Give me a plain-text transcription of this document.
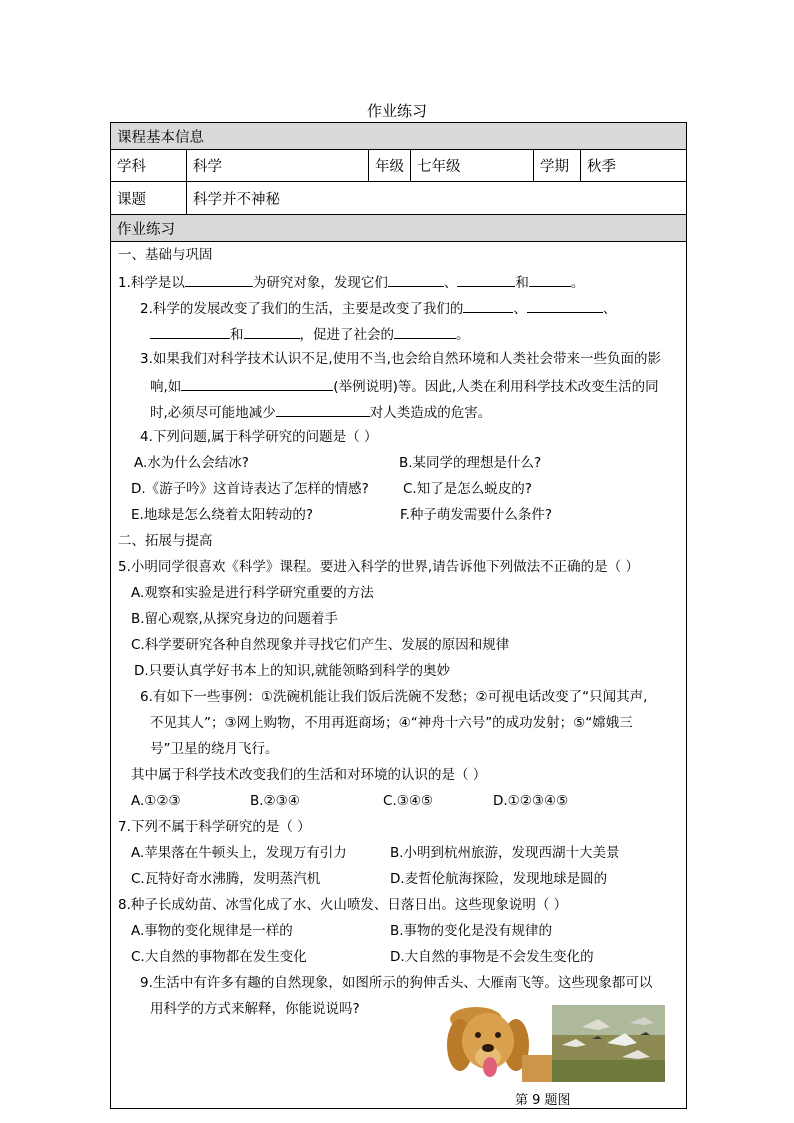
作业练习
课程基本信息
学科	科学	年级 七年级	学期	秋季
课题	科学并不神秘
作业练习
一、基础与巩固
1.科学是以	为研究对象，发现它们	、	和	。
2.科学的发展改变了我们的生活，主要是改变了我们的	、	、
和	，促进了社会的	。
3.如果我们对科学技术认识不足,使用不当,也会给自然环境和人类社会带来一些负面的影
响,如	(举例说明)等。因此,人类在利用科学技术改变生活的同
时,必须尽可能地减少	对人类造成的危害。
4.下列问题,属于科学研究的问题是（ ）
A.水为什么会结冰?	B.某同学的理想是什么?
D.《游子吟》这首诗表达了怎样的情感?	C.知了是怎么蜕皮的?
E.地球是怎么绕着太阳转动的?	F.种子萌发需要什么条件?
二、拓展与提高
5.小明同学很喜欢《科学》课程。要进入科学的世界,请告诉他下列做法不正确的是（ ）
A.观察和实验是进行科学研究重要的方法
B.留心观察,从探究身边的问题着手
C.科学要研究各种自然现象并寻找它们产生、发展的原因和规律
D.只要认真学好书本上的知识,就能领略到科学的奥妙
6.有如下一些事例：①洗碗机能让我们饭后洗碗不发愁；②可视电话改变了“只闻其声,
不见其人”；③网上购物，不用再逛商场；④“神舟十六号”的成功发射；⑤“嫦娥三
号”卫星的绕月飞行。
其中属于科学技术改变我们的生活和对环境的认识的是（ ）
A.①②③	B.②③④	C.③④⑤	D.①②③④⑤
7.下列不属于科学研究的是（ ）
A.苹果落在牛顿头上，发现万有引力	B.小明到杭州旅游，发现西湖十大美景
C.瓦特好奇水沸腾，发明蒸汽机	D.麦哲伦航海探险，发现地球是圆的
8.种子长成幼苗、冰雪化成了水、火山喷发、日落日出。这些现象说明（ ）
A.事物的变化规律是一样的	B.事物的变化是没有规律的
C.大自然的事物都在发生变化	D.大自然的事物是不会发生变化的
9.生活中有许多有趣的自然现象，如图所示的狗伸舌头、大雁南飞等。这些现象都可以
用科学的方式来解释，你能说说吗?
第 9 题图
